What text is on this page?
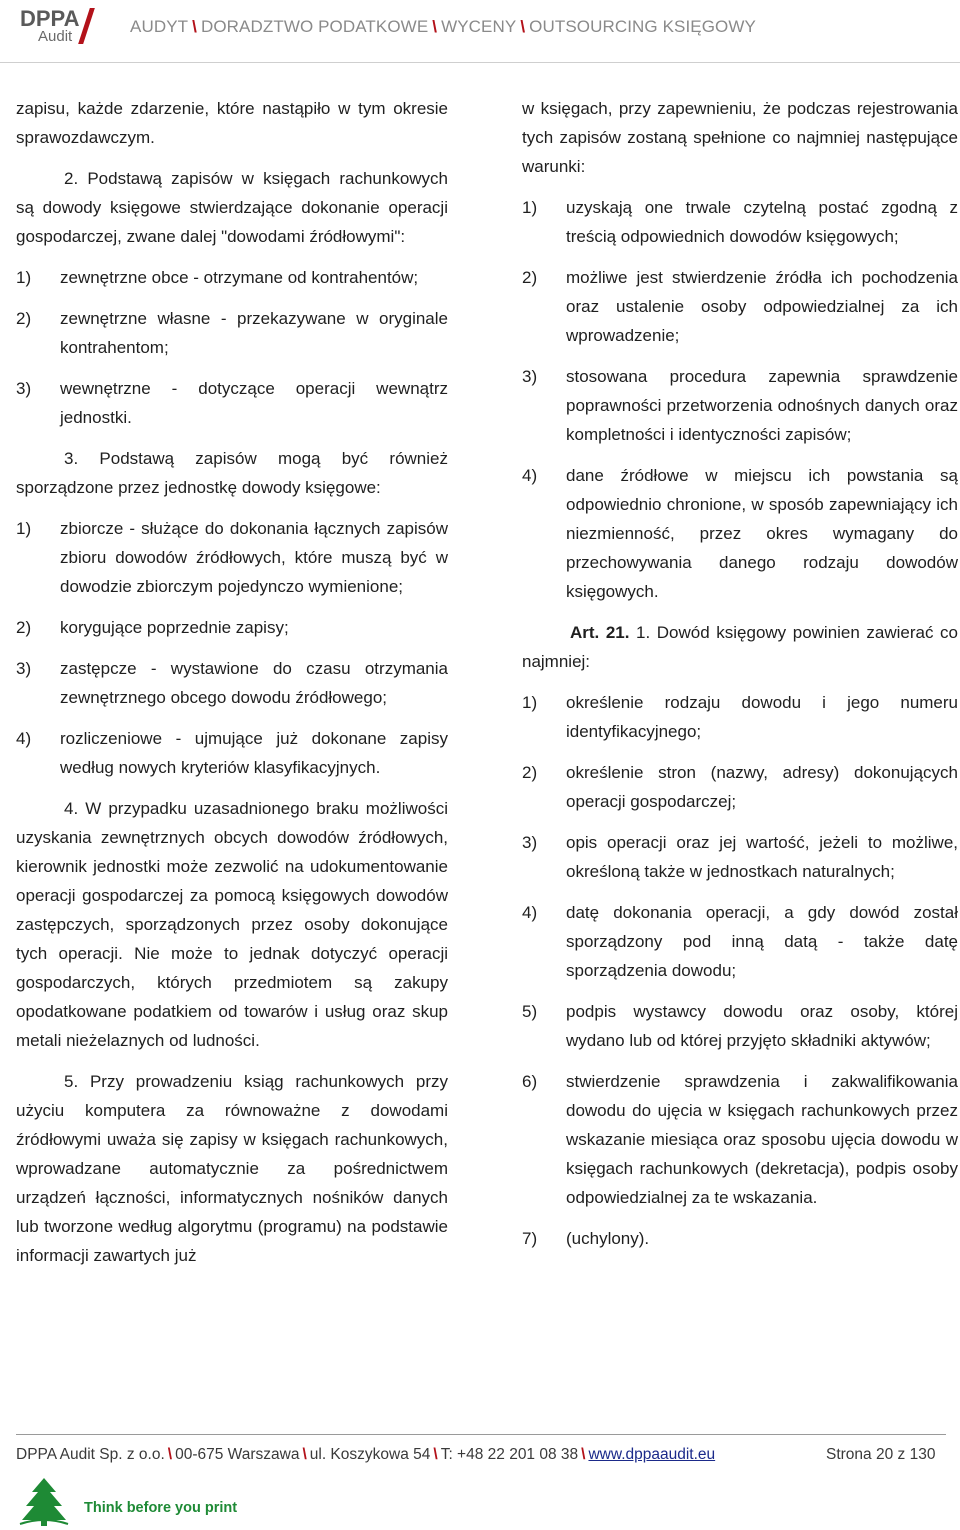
DPPA
Audit
AUDYT \ DORADZTWO PODATKOWE \ WYCENY \ OUTSOURCING KSIĘGOWY

zapisu, każde zdarzenie, które nastąpiło w tym okresie sprawozdawczym.

2. Podstawą zapisów w księgach rachunkowych są dowody księgowe stwierdzające dokonanie operacji gospodarczej, zwane dalej "dowodami źródłowymi":

1)	zewnętrzne obce - otrzymane od kontrahentów;
2)	zewnętrzne własne - przekazywane w oryginale kontrahentom;
3)	wewnętrzne - dotyczące operacji wewnątrz jednostki.

3. Podstawą zapisów mogą być również sporządzone przez jednostkę dowody księgowe:

1)	zbiorcze - służące do dokonania łącznych zapisów zbioru dowodów źródłowych, które muszą być w dowodzie zbiorczym pojedynczo wymienione;
2)	korygujące poprzednie zapisy;
3)	zastępcze - wystawione do czasu otrzymania zewnętrznego obcego dowodu źródłowego;
4)	rozliczeniowe - ujmujące już dokonane zapisy według nowych kryteriów klasyfikacyjnych.

4. W przypadku uzasadnionego braku możliwości uzyskania zewnętrznych obcych dowodów źródłowych, kierownik jednostki może zezwolić na udokumentowanie operacji gospodarczej za pomocą księgowych dowodów zastępczych, sporządzonych przez osoby dokonujące tych operacji. Nie może to jednak dotyczyć operacji gospodarczych, których przedmiotem są zakupy opodatkowane podatkiem od towarów i usług oraz skup metali nieżelaznych od ludności.

5. Przy prowadzeniu ksiąg rachunkowych przy użyciu komputera za równoważne z dowodami źródłowymi uważa się zapisy w księgach rachunkowych, wprowadzane automatycznie za pośrednictwem urządzeń łączności, informatycznych nośników danych lub tworzone według algorytmu (programu) na podstawie informacji zawartych już

w księgach, przy zapewnieniu, że podczas rejestrowania tych zapisów zostaną spełnione co najmniej następujące warunki:

1)	uzyskają one trwale czytelną postać zgodną z treścią odpowiednich dowodów księgowych;
2)	możliwe jest stwierdzenie źródła ich pochodzenia oraz ustalenie osoby odpowiedzialnej za ich wprowadzenie;
3)	stosowana procedura zapewnia sprawdzenie poprawności przetworzenia odnośnych danych oraz kompletności i identyczności zapisów;
4)	dane źródłowe w miejscu ich powstania są odpowiednio chronione, w sposób zapewniający ich niezmienność, przez okres wymagany do przechowywania danego rodzaju dowodów księgowych.

Art. 21. 1. Dowód księgowy powinien zawierać co najmniej:

1)	określenie rodzaju dowodu i jego numeru identyfikacyjnego;
2)	określenie stron (nazwy, adresy) dokonujących operacji gospodarczej;
3)	opis operacji oraz jej wartość, jeżeli to możliwe, określoną także w jednostkach naturalnych;
4)	datę dokonania operacji, a gdy dowód został sporządzony pod inną datą - także datę sporządzenia dowodu;
5)	podpis wystawcy dowodu oraz osoby, której wydano lub od której przyjęto składniki aktywów;
6)	stwierdzenie sprawdzenia i zakwalifikowania dowodu do ujęcia w księgach rachunkowych przez wskazanie miesiąca oraz sposobu ujęcia dowodu w księgach rachunkowych (dekretacja), podpis osoby odpowiedzialnej za te wskazania.
7)	(uchylony).
DPPA Audit Sp. z o.o. \ 00-675 Warszawa \ ul. Koszykowa 54 \ T: +48 22 201 08 38 \ www.dppaaudit.eu	Strona 20 z 130
Think before you print
